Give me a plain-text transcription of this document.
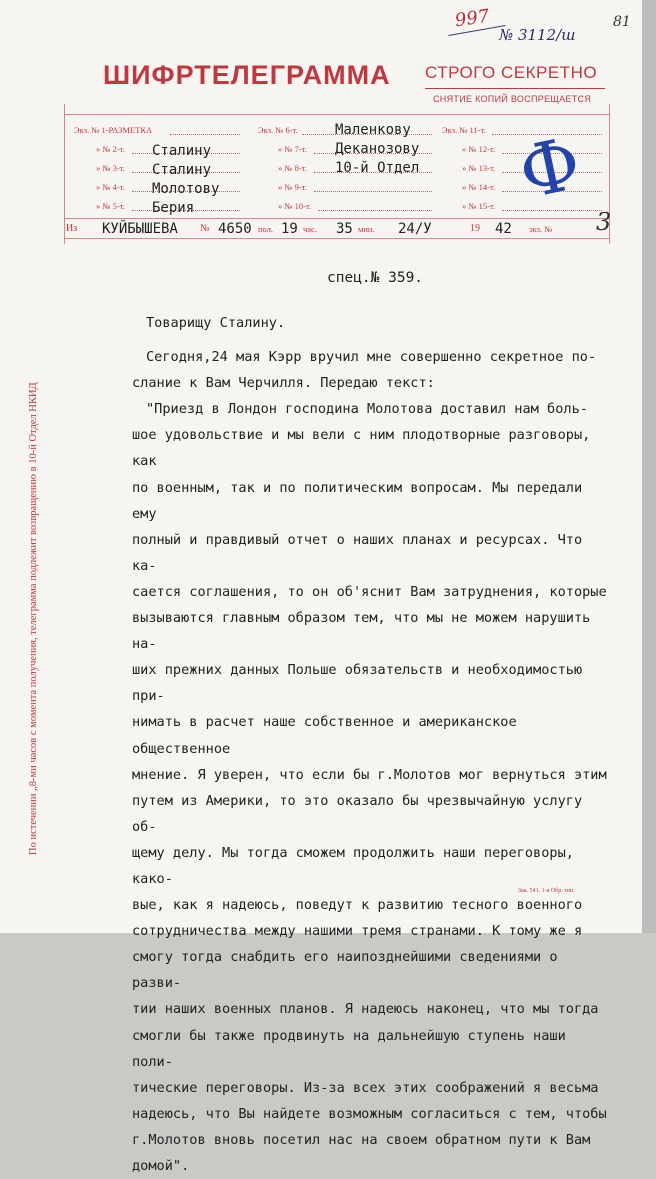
997
№ 3112/ш
81
ШИФРТЕЛЕГРАММА СТРОГО СЕКРЕТНО
СНЯТИЕ КОПИЙ ВОСПРЕЩАЕТСЯ
Экз. № 1-РАЗМЕТКА
» № 2-т.
» № 3-т.
» № 4-т.
» № 5-т.
Экз. № 6-т.
» № 7-т.
» № 8-т.
» № 9-т.
» № 10-т.
Экз. № 11-т.
» № 12-т.
» № 13-т.
» № 14-т.
» № 15-т.
Сталину
Сталину
Молотову
Берия
Маленкову
Деканозову
10-й Отдел Ф
3
Из КУЙБЫШЕВА № 4650 пол. 19 час. 35 мин. 24/У	19 42 экз. №
По истечении „8-ми часов с момента получения, телеграмма подлежит возвращению в 10-й Отдел НКИД
спец.№ 359.

Товарищу Сталину.

Сегодня,24 мая Кэрр вручил мне совершенно секретное по-

слание к Вам Черчилля. Передаю текст:

"Приезд в Лондон господина Молотова доставил нам боль-

шое удовольствие и мы вели с ним плодотворные разговоры, как

по военным, так и по политическим вопросам. Мы передали ему

полный и правдивый отчет о наших планах и ресурсах. Что ка-

сается соглашения, то он об'яснит Вам затруднения, которые

вызываются главным образом тем, что мы не можем нарушить на-

ших прежних данных Польше обязательств и необходимостью при-

нимать в расчет наше собственное и американское общественное

мнение. Я уверен, что если бы г.Молотов мог вернуться этим

путем из Америки, то это оказало бы чрезвычайную услугу об-

щему делу. Мы тогда сможем продолжить наши переговоры, како-

вые, как я надеюсь, поведут к развитию тесного военного

сотрудничества между нашими тремя странами. К тому же я

смогу тогда снабдить его наипозднейшими сведениями о разви-

тии наших военных планов. Я надеюсь наконец, что мы тогда

смогли бы также продвинуть на дальнейшую ступень наши поли-

тические переговоры. Из-за всех этих соображений я весьма

надеюсь, что Вы найдете возможным согласиться с тем, чтобы

г.Молотов вновь посетил нас на своем обратном пути к Вам

домой".

Зак. 541. 1-я Обр. тип.
